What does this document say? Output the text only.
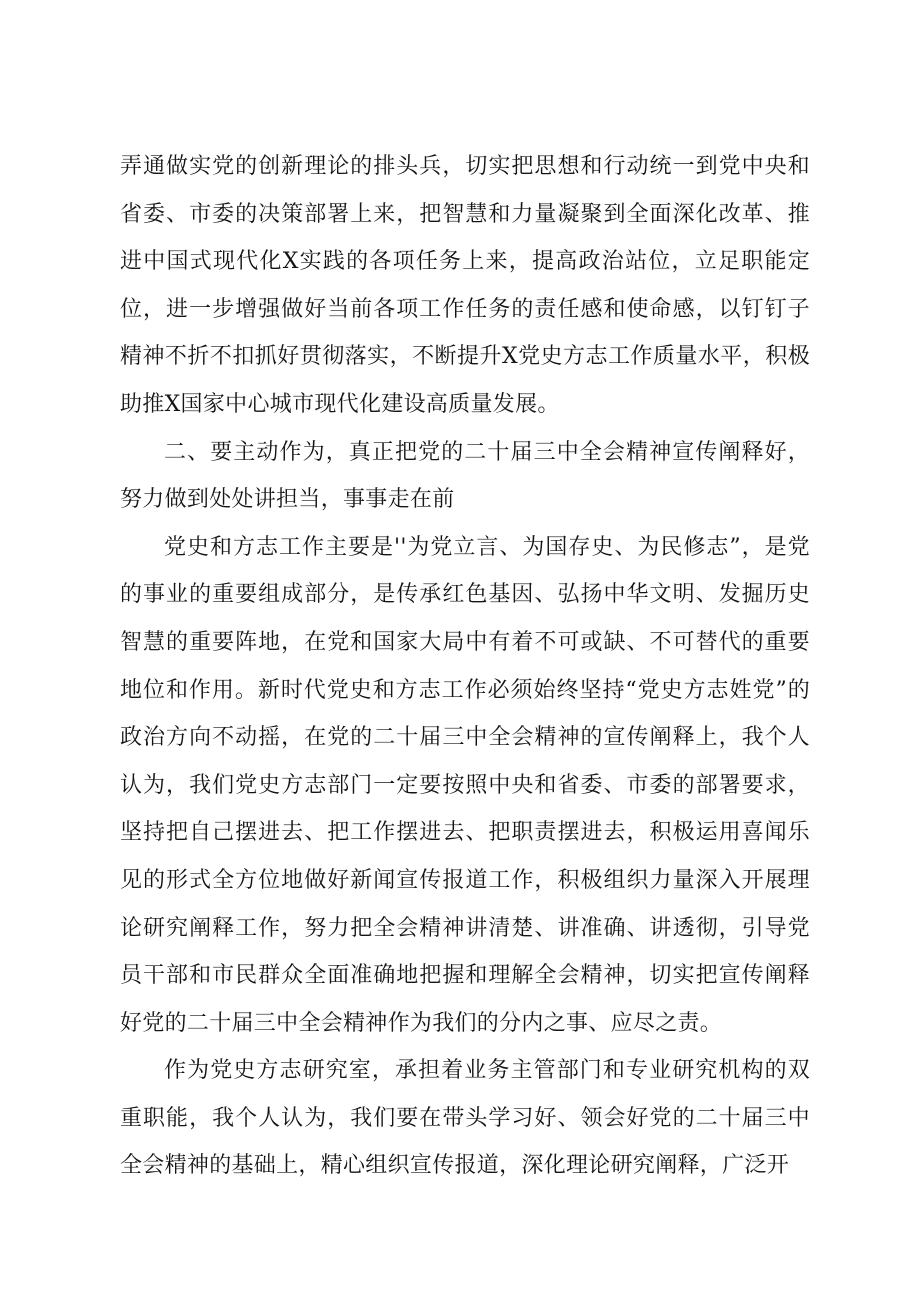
弄通做实党的创新理论的排头兵，切实把思想和行动统一到党中央和省委、市委的决策部署上来，把智慧和力量凝聚到全面深化改革、推进中国式现代化X实践的各项任务上来，提高政治站位，立足职能定位，进一步增强做好当前各项工作任务的责任感和使命感，以钉钉子精神不折不扣抓好贯彻落实，不断提升X党史方志工作质量水平，积极助推X国家中心城市现代化建设高质量发展。

二、要主动作为，真正把党的二十届三中全会精神宣传阐释好，努力做到处处讲担当，事事走在前

党史和方志工作主要是''为党立言、为国存史、为民修志”，是党的事业的重要组成部分，是传承红色基因、弘扬中华文明、发掘历史智慧的重要阵地，在党和国家大局中有着不可或缺、不可替代的重要地位和作用。新时代党史和方志工作必须始终坚持“党史方志姓党”的政治方向不动摇，在党的二十届三中全会精神的宣传阐释上，我个人认为，我们党史方志部门一定要按照中央和省委、市委的部署要求，坚持把自己摆进去、把工作摆进去、把职责摆进去，积极运用喜闻乐见的形式全方位地做好新闻宣传报道工作，积极组织力量深入开展理论研究阐释工作，努力把全会精神讲清楚、讲准确、讲透彻，引导党员干部和市民群众全面准确地把握和理解全会精神，切实把宣传阐释好党的二十届三中全会精神作为我们的分内之事、应尽之责。

作为党史方志研究室，承担着业务主管部门和专业研究机构的双重职能，我个人认为，我们要在带头学习好、领会好党的二十届三中全会精神的基础上，精心组织宣传报道，深化理论研究阐释，广泛开
